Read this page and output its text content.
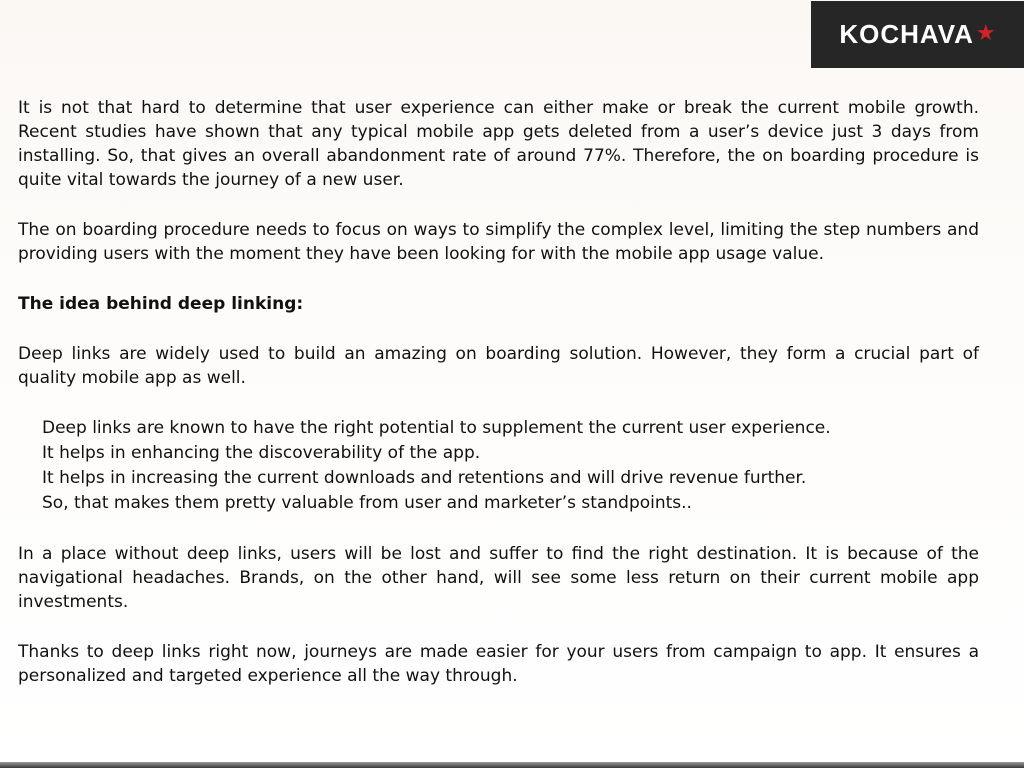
KOCHAVA ★

It is not that hard to determine that user experience can either make or break the current mobile growth. Recent studies have shown that any typical mobile app gets deleted from a user’s device just 3 days from installing. So, that gives an overall abandonment rate of around 77%. Therefore, the on boarding procedure is quite vital towards the journey of a new user.

The on boarding procedure needs to focus on ways to simplify the complex level, limiting the step numbers and providing users with the moment they have been looking for with the mobile app usage value.

The idea behind deep linking:

Deep links are widely used to build an amazing on boarding solution. However, they form a crucial part of quality mobile app as well.

Deep links are known to have the right potential to supplement the current user experience.
It helps in enhancing the discoverability of the app.
It helps in increasing the current downloads and retentions and will drive revenue further.
So, that makes them pretty valuable from user and marketer’s standpoints..

In a place without deep links, users will be lost and suffer to find the right destination. It is because of the navigational headaches. Brands, on the other hand, will see some less return on their current mobile app investments.

Thanks to deep links right now, journeys are made easier for your users from campaign to app. It ensures a personalized and targeted experience all the way through.
